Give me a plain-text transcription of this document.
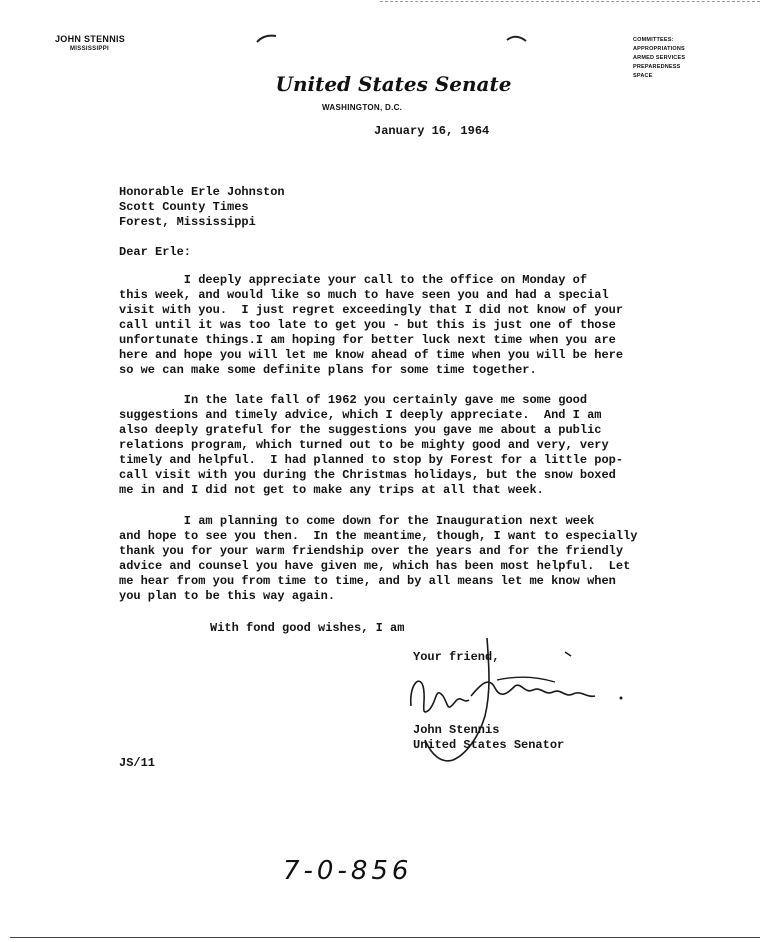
JOHN STENNIS
MISSISSIPPI
COMMITTEES:
APPROPRIATIONS
ARMED SERVICES
PREPAREDNESS
SPACE
United States Senate
WASHINGTON, D.C.
January 16, 1964
Honorable Erle Johnston
Scott County Times
Forest, Mississippi
Dear Erle:
I deeply appreciate your call to the office on Monday of
this week, and would like so much to have seen you and had a special
visit with you.  I just regret exceedingly that I did not know of your
call until it was too late to get you - but this is just one of those
unfortunate things.I am hoping for better luck next time when you are
here and hope you will let me know ahead of time when you will be here
so we can make some definite plans for some time together.
In the late fall of 1962 you certainly gave me some good
suggestions and timely advice, which I deeply appreciate.  And I am
also deeply grateful for the suggestions you gave me about a public
relations program, which turned out to be mighty good and very, very
timely and helpful.  I had planned to stop by Forest for a little pop-
call visit with you during the Christmas holidays, but the snow boxed
me in and I did not get to make any trips at all that week.
I am planning to come down for the Inauguration next week
and hope to see you then.  In the meantime, though, I want to especially
thank you for your warm friendship over the years and for the friendly
advice and counsel you have given me, which has been most helpful.  Let
me hear from you from time to time, and by all means let me know when
you plan to be this way again.
With fond good wishes, I am
Your friend,
John Stennis
United States Senator
JS/11
7-0-856
